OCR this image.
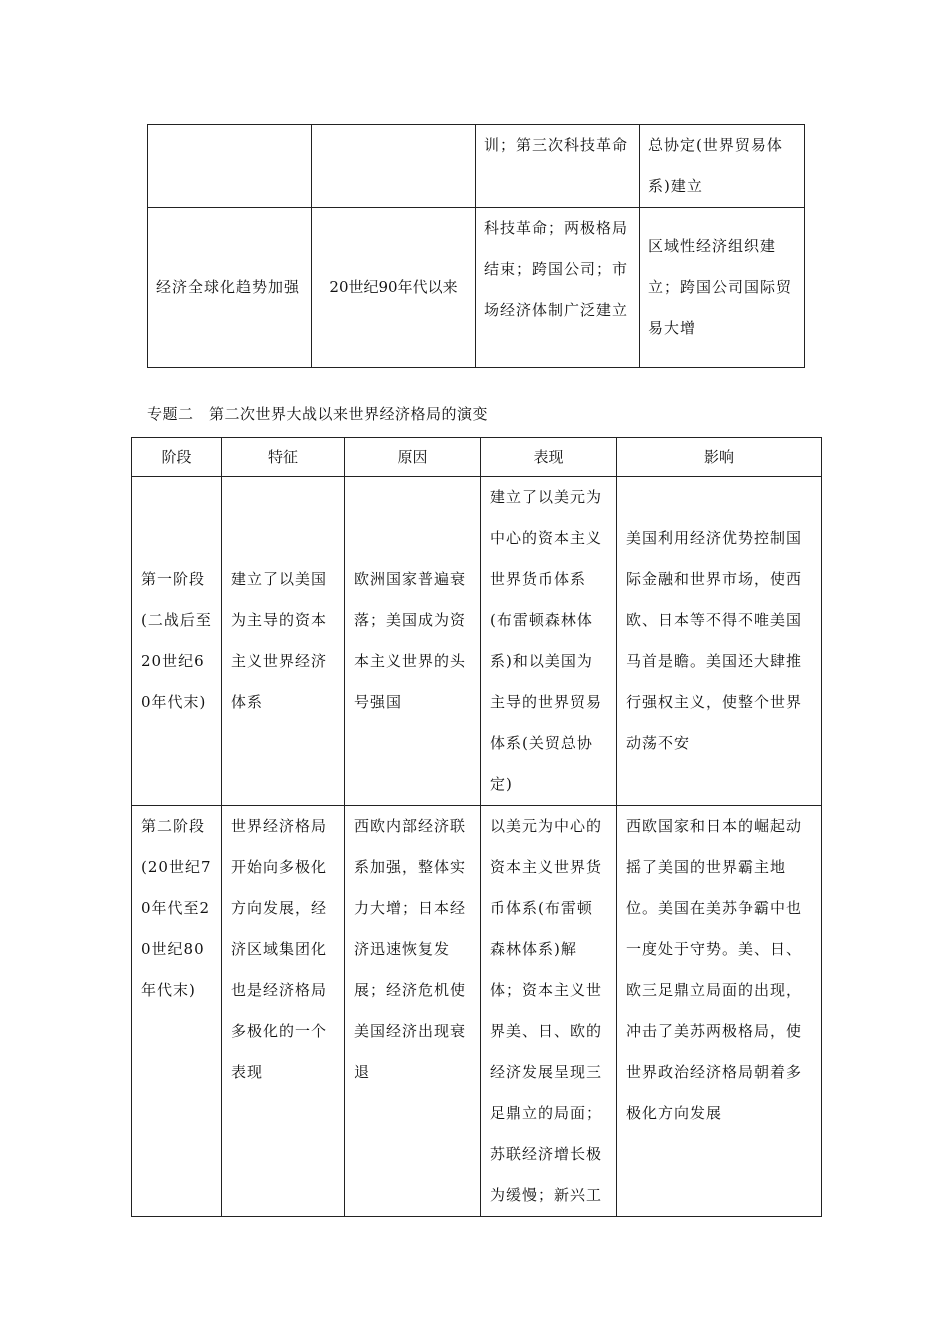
		训；第三次科技革命	总协定(世界贸易体系)建立

经济全球化趋势加强	20世纪90年代以来	科技革命；两极格局结束；跨国公司；市场经济体制广泛建立	区域性经济组织建立；跨国公司国际贸易大增
专题二　第二次世界大战以来世界经济格局的演变
阶段	特征	原因	表现	影响

第一阶段(二战后至20世纪60年代末)	建立了以美国为主导的资本主义世界经济体系	欧洲国家普遍衰落；美国成为资本主义世界的头号强国	建立了以美元为中心的资本主义世界货币体系(布雷顿森林体系)和以美国为主导的世界贸易体系(关贸总协定)	美国利用经济优势控制国际金融和世界市场，使西欧、日本等不得不唯美国马首是瞻。美国还大肆推行强权主义，使整个世界动荡不安

第二阶段(20世纪70年代至20世纪80年代末)	世界经济格局开始向多极化方向发展，经济区域集团化也是经济格局多极化的一个表现	西欧内部经济联系加强，整体实力大增；日本经济迅速恢复发展；经济危机使美国经济出现衰退	以美元为中心的资本主义世界货币体系(布雷顿森林体系)解体；资本主义世界美、日、欧的经济发展呈现三足鼎立的局面；苏联经济增长极为缓慢；新兴工	西欧国家和日本的崛起动摇了美国的世界霸主地位。美国在美苏争霸中也一度处于守势。美、日、欧三足鼎立局面的出现，冲击了美苏两极格局，使世界政治经济格局朝着多极化方向发展
